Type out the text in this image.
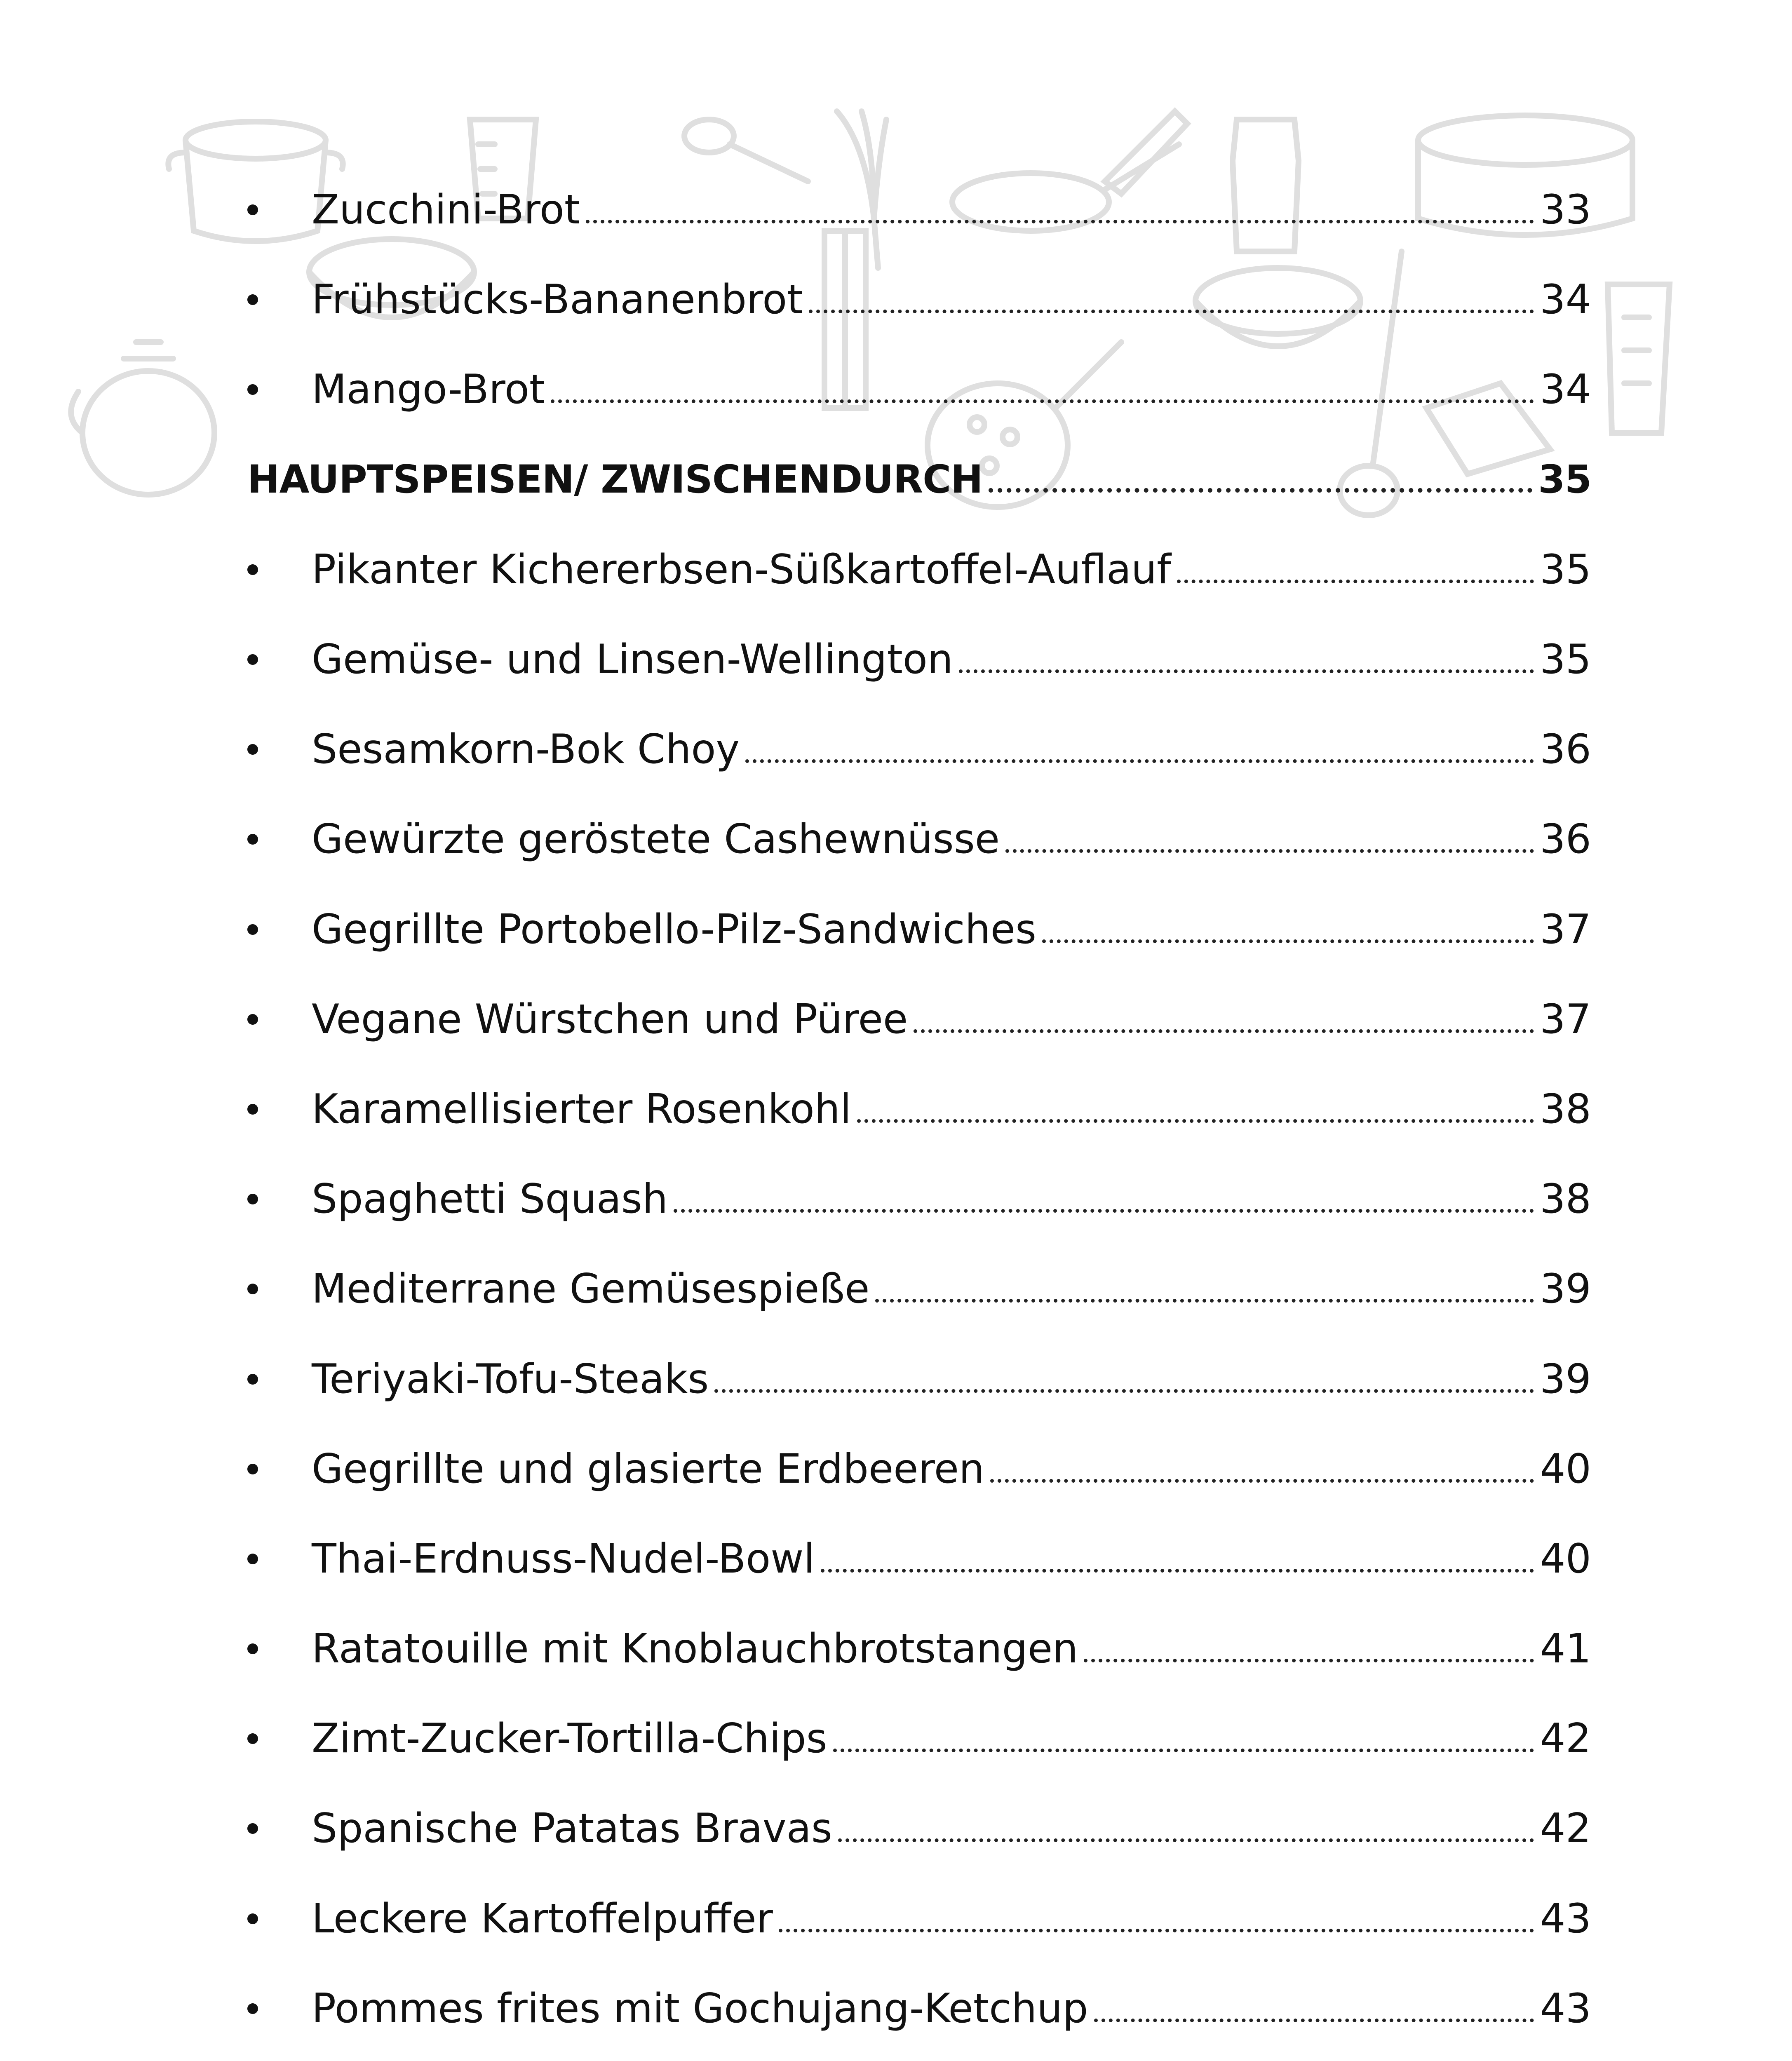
Zucchini-Brot	33
Frühstücks-Bananenbrot	34
Mango-Brot	34
HAUPTSPEISEN/ ZWISCHENDURCH	35
Pikanter Kichererbsen-Süßkartoffel-Auflauf	35
Gemüse- und Linsen-Wellington	35
Sesamkorn-Bok Choy	36
Gewürzte geröstete Cashewnüsse	36
Gegrillte Portobello-Pilz-Sandwiches	37
Vegane Würstchen und Püree	37
Karamellisierter Rosenkohl	38
Spaghetti Squash	38
Mediterrane Gemüsespieße	39
Teriyaki-Tofu-Steaks	39
Gegrillte und glasierte Erdbeeren	40
Thai-Erdnuss-Nudel-Bowl	40
Ratatouille mit Knoblauchbrotstangen	41
Zimt-Zucker-Tortilla-Chips	42
Spanische Patatas Bravas	42
Leckere Kartoffelpuffer	43
Pommes frites mit Gochujang-Ketchup	43
